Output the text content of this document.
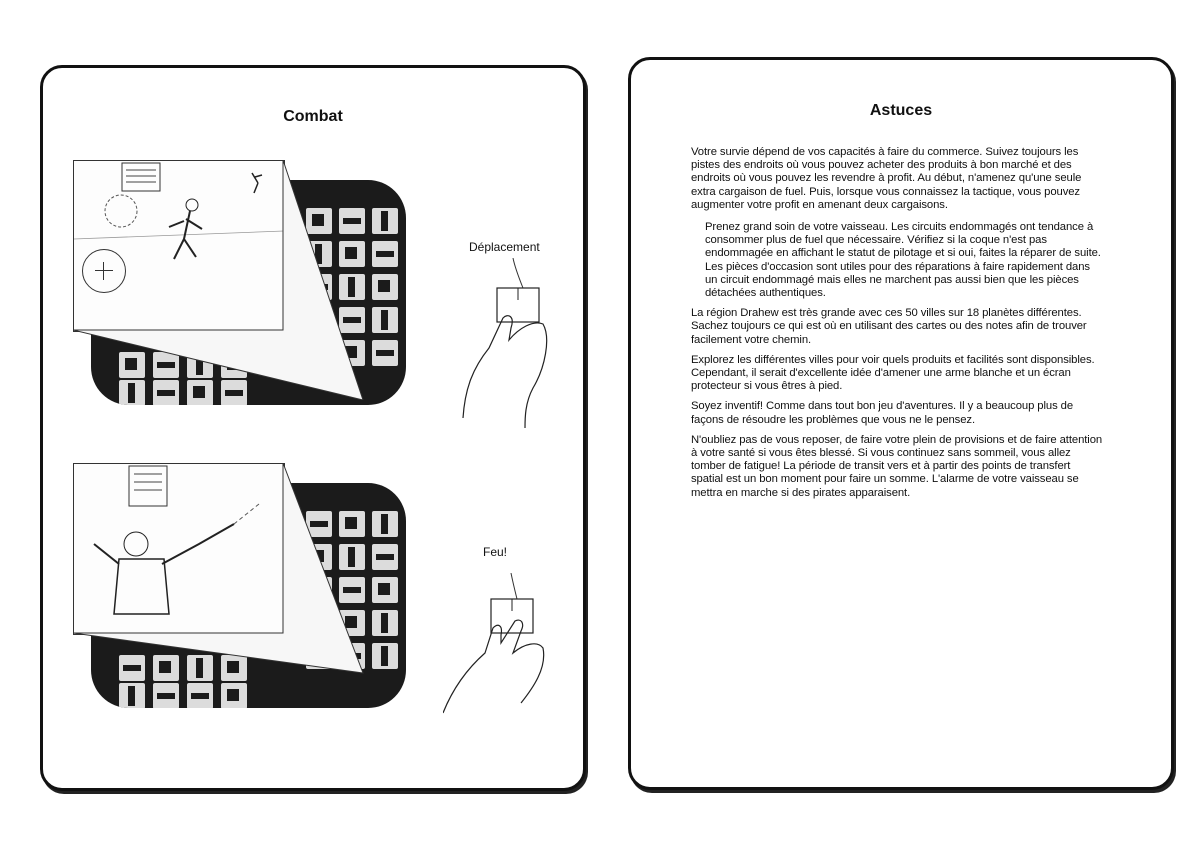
Combat
Déplacement
Feu!
Astuces

Votre survie dépend de vos capacités à faire du commerce. Suivez toujours les pistes des endroits où vous pouvez acheter des produits à bon marché et des endroits où vous pouvez les revendre à profit. Au début, n'amenez qu'une seule extra cargaison de fuel. Puis, lorsque vous connaissez la tactique, vous pouvez augmenter votre profit en amenant deux cargaisons.

Prenez grand soin de votre vaisseau. Les circuits endommagés ont tendance à consommer plus de fuel que nécessaire. Vérifiez si la coque n'est pas endommagée en affichant le statut de pilotage et si oui, faites la réparer de suite. Les pièces d'occasion sont utiles pour des réparations à faire rapidement dans un circuit endommagé mais elles ne marchent pas aussi bien que les pièces détachées authentiques.

La région Drahew est très grande avec ces 50 villes sur 18 planètes différentes. Sachez toujours ce qui est où en utilisant des cartes ou des notes afin de trouver facilement votre chemin.

Explorez les différentes villes pour voir quels produits et facilités sont disponsibles. Cependant, il serait d'excellente idée d'amener une arme blanche et un écran protecteur si vous êtres à pied.

Soyez inventif! Comme dans tout bon jeu d'aventures. Il y a beaucoup plus de façons de résoudre les problèmes que vous ne le pensez.

N'oubliez pas de vous reposer, de faire votre plein de provisions et de faire attention à votre santé si vous êtes blessé. Si vous continuez sans sommeil, vous allez tomber de fatigue! La période de transit vers et à partir des points de transfert spatial est un bon moment pour faire un somme. L'alarme de votre vaisseau se mettra en marche si des pirates apparaisent.
